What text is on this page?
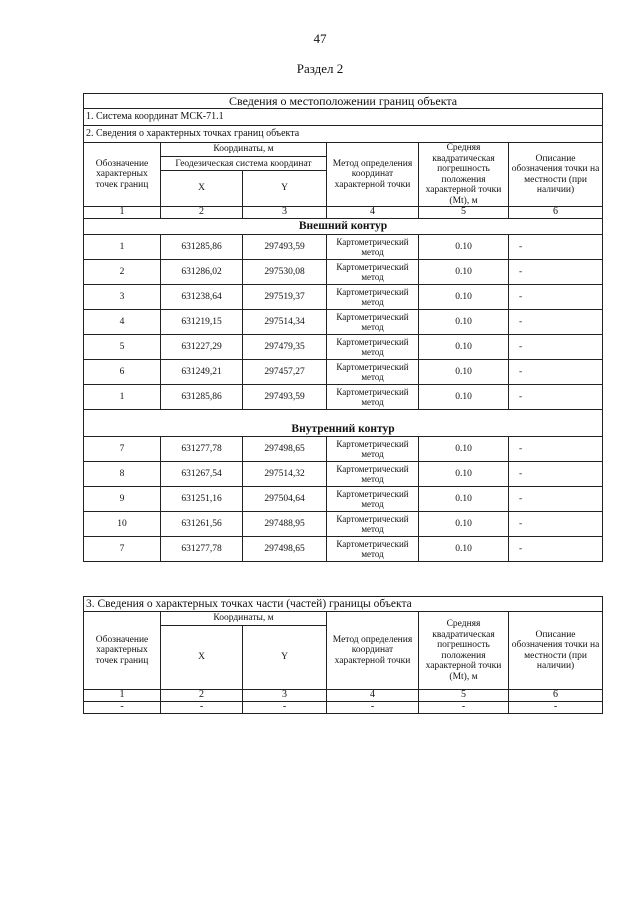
47
Раздел 2
Сведения о местоположении границ объекта					
1. Система координат МСК-71.1					
2. Сведения о характерных точках границ объекта					
Обозначение характерных точек границ	Координаты, м		Метод определения координат характерной точки	Средняя квадратическая погрешность положения характерной точки (Mt), м	Описание обозначения точки на местности (при наличии)
	Геодезическая система координат				
	X	Y			
1	2	3	4	5	6
Внешний контур					
1	631285,86	297493,59	Картометрический метод	0.10	-
2	631286,02	297530,08	Картометрический метод	0.10	-
3	631238,64	297519,37	Картометрический метод	0.10	-
4	631219,15	297514,34	Картометрический метод	0.10	-
5	631227,29	297479,35	Картометрический метод	0.10	-
6	631249,21	297457,27	Картометрический метод	0.10	-
1	631285,86	297493,59	Картометрический метод	0.10	-
Внутренний контур					
7	631277,78	297498,65	Картометрический метод	0.10	-
8	631267,54	297514,32	Картометрический метод	0.10	-
9	631251,16	297504,64	Картометрический метод	0.10	-
10	631261,56	297488,95	Картометрический метод	0.10	-
7	631277,78	297498,65	Картометрический метод	0.10	-
3. Сведения о характерных точках части (частей) границы объекта					
Обозначение характерных точек границ	Координаты, м		Метод определения координат характерной точки	Средняя квадратическая погрешность положения характерной точки (Mt), м	Описание обозначения точки на местности (при наличии)
	X	Y			
1	2	3	4	5	6
-	-	-	-	-	-
